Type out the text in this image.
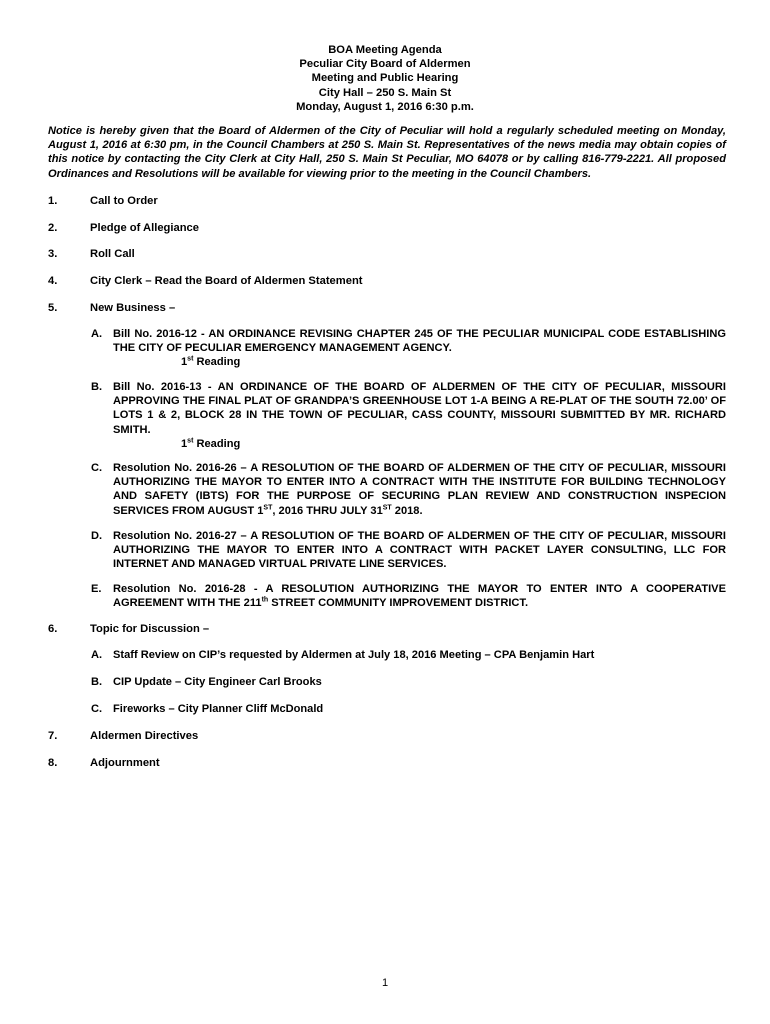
BOA Meeting Agenda
Peculiar City Board of Aldermen
Meeting and Public Hearing
City Hall – 250 S. Main St
Monday, August 1, 2016 6:30 p.m.
Notice is hereby given that the Board of Aldermen of the City of Peculiar will hold a regularly scheduled meeting on Monday, August 1, 2016 at 6:30 pm, in the Council Chambers at 250 S. Main St. Representatives of the news media may obtain copies of this notice by contacting the City Clerk at City Hall, 250 S. Main St Peculiar, MO 64078 or by calling 816-779-2221. All proposed Ordinances and Resolutions will be available for viewing prior to the meeting in the Council Chambers.
1.	Call to Order
2.	Pledge of Allegiance
3.	Roll Call
4.	City Clerk – Read the Board of Aldermen Statement
5.	New Business –
A. Bill No. 2016-12 - AN ORDINANCE REVISING CHAPTER 245 OF THE PECULIAR MUNICIPAL CODE ESTABLISHING THE CITY OF PECULIAR EMERGENCY MANAGEMENT AGENCY.
1st Reading
B. Bill No. 2016-13 - AN ORDINANCE OF THE BOARD OF ALDERMEN OF THE CITY OF PECULIAR, MISSOURI APPROVING THE FINAL PLAT OF GRANDPA’S GREENHOUSE LOT 1-A BEING A RE-PLAT OF THE SOUTH 72.00’ OF LOTS 1 & 2, BLOCK 28 IN THE TOWN OF PECULIAR, CASS COUNTY, MISSOURI SUBMITTED BY MR. RICHARD SMITH.
1st Reading
C. Resolution No. 2016-26 – A RESOLUTION OF THE BOARD OF ALDERMEN OF THE CITY OF PECULIAR, MISSOURI AUTHORIZING THE MAYOR TO ENTER INTO A CONTRACT WITH THE INSTITUTE FOR BUILDING TECHNOLOGY AND SAFETY (IBTS) FOR THE PURPOSE OF SECURING PLAN REVIEW AND CONSTRUCTION INSPECION SERVICES FROM AUGUST 1ST, 2016 THRU JULY 31ST 2018.
D. Resolution No. 2016-27 – A RESOLUTION OF THE BOARD OF ALDERMEN OF THE CITY OF PECULIAR, MISSOURI AUTHORIZING THE MAYOR TO ENTER INTO A CONTRACT WITH PACKET LAYER CONSULTING, LLC FOR INTERNET AND MANAGED VIRTUAL PRIVATE LINE SERVICES.
E. Resolution No. 2016-28 - A RESOLUTION AUTHORIZING THE MAYOR TO ENTER INTO A COOPERATIVE AGREEMENT WITH THE 211th STREET COMMUNITY IMPROVEMENT DISTRICT.
6.	Topic for Discussion –
A. Staff Review on CIP’s requested by Aldermen at July 18, 2016 Meeting – CPA Benjamin Hart
B. CIP Update – City Engineer Carl Brooks
C. Fireworks – City Planner Cliff McDonald
7.	Aldermen Directives
8.	Adjournment
1
